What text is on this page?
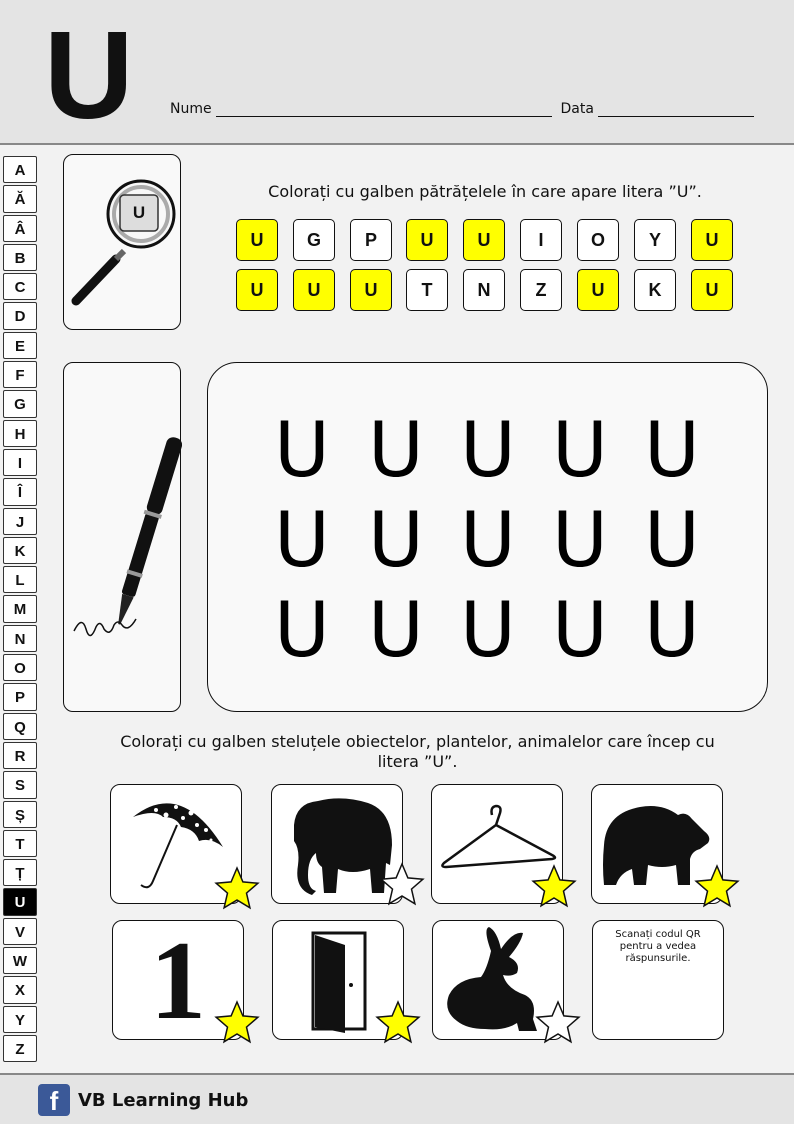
U	Nume	Data
A
Ă
Â
B
C
D
E
F
G
H
I
Î
J
K
L
M
N
O
P
Q
R
S
Ș
T
Ț
U
V
W
X
Y
Z
U
Colorați cu galben pătrățelele în care apare litera ”U”.
U	G	P	U	U	I	O	Y	U
U	U	U	T	N	Z	U	K	U
U U U U U
U U U U U
U U U U U
Colorați cu galben steluțele obiectelor, plantelor, animalelor care încep cu litera ”U”.
1	Scanați codul QR pentru a vedea răspunsurile.
f	VB Learning Hub
